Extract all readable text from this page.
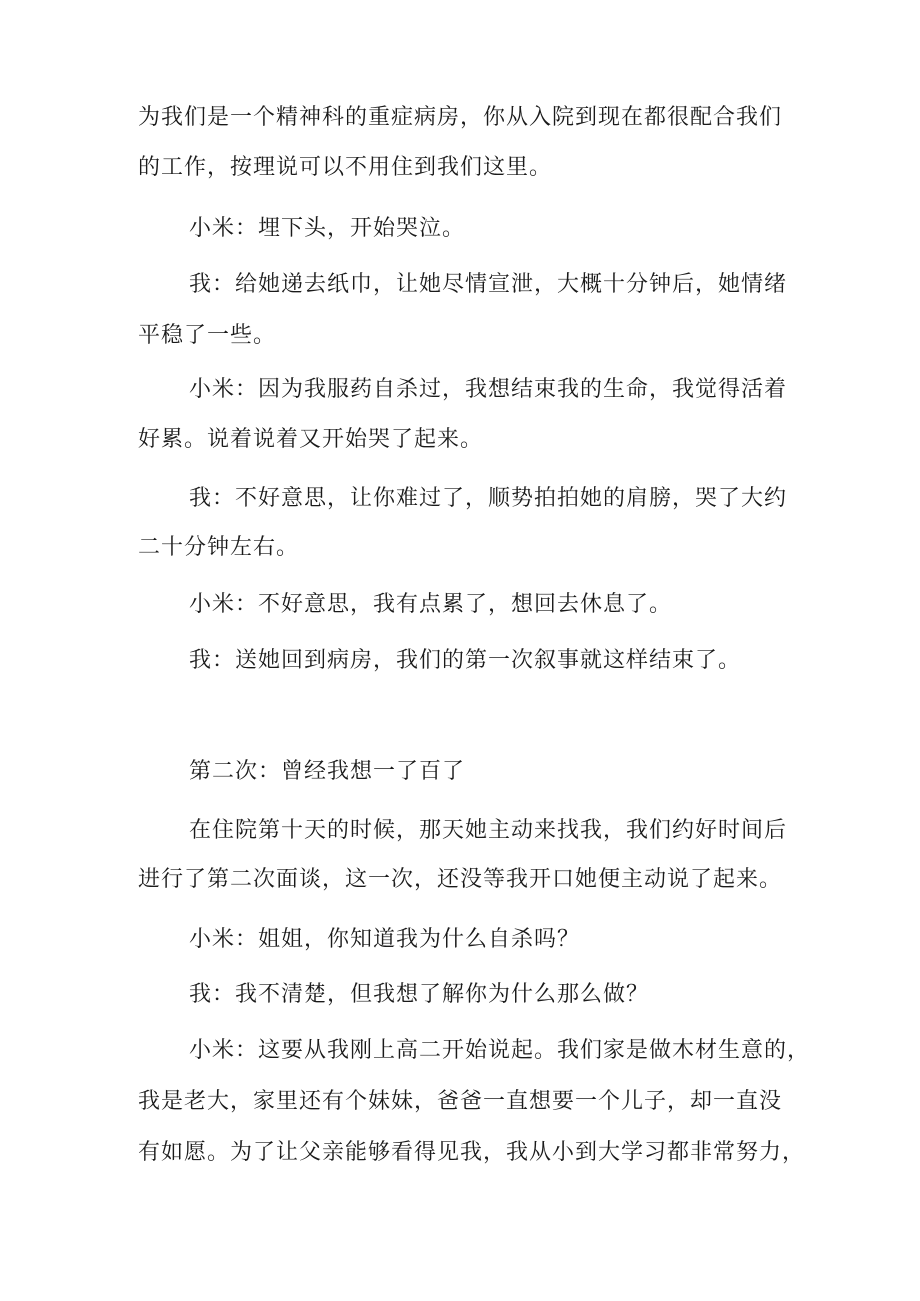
为我们是一个精神科的重症病房，你从入院到现在都很配合我们
的工作，按理说可以不用住到我们这里。
小米：埋下头，开始哭泣。
我：给她递去纸巾，让她尽情宣泄，大概十分钟后，她情绪
平稳了一些。
小米：因为我服药自杀过，我想结束我的生命，我觉得活着
好累。说着说着又开始哭了起来。
我：不好意思，让你难过了，顺势拍拍她的肩膀，哭了大约
二十分钟左右。
小米：不好意思，我有点累了，想回去休息了。
我：送她回到病房，我们的第一次叙事就这样结束了。
第二次：曾经我想一了百了
在住院第十天的时候，那天她主动来找我，我们约好时间后
进行了第二次面谈，这一次，还没等我开口她便主动说了起来。
小米：姐姐，你知道我为什么自杀吗？
我：我不清楚，但我想了解你为什么那么做？
小米：这要从我刚上高二开始说起。我们家是做木材生意的，
我是老大，家里还有个妹妹，爸爸一直想要一个儿子，却一直没
有如愿。为了让父亲能够看得见我，我从小到大学习都非常努力，
